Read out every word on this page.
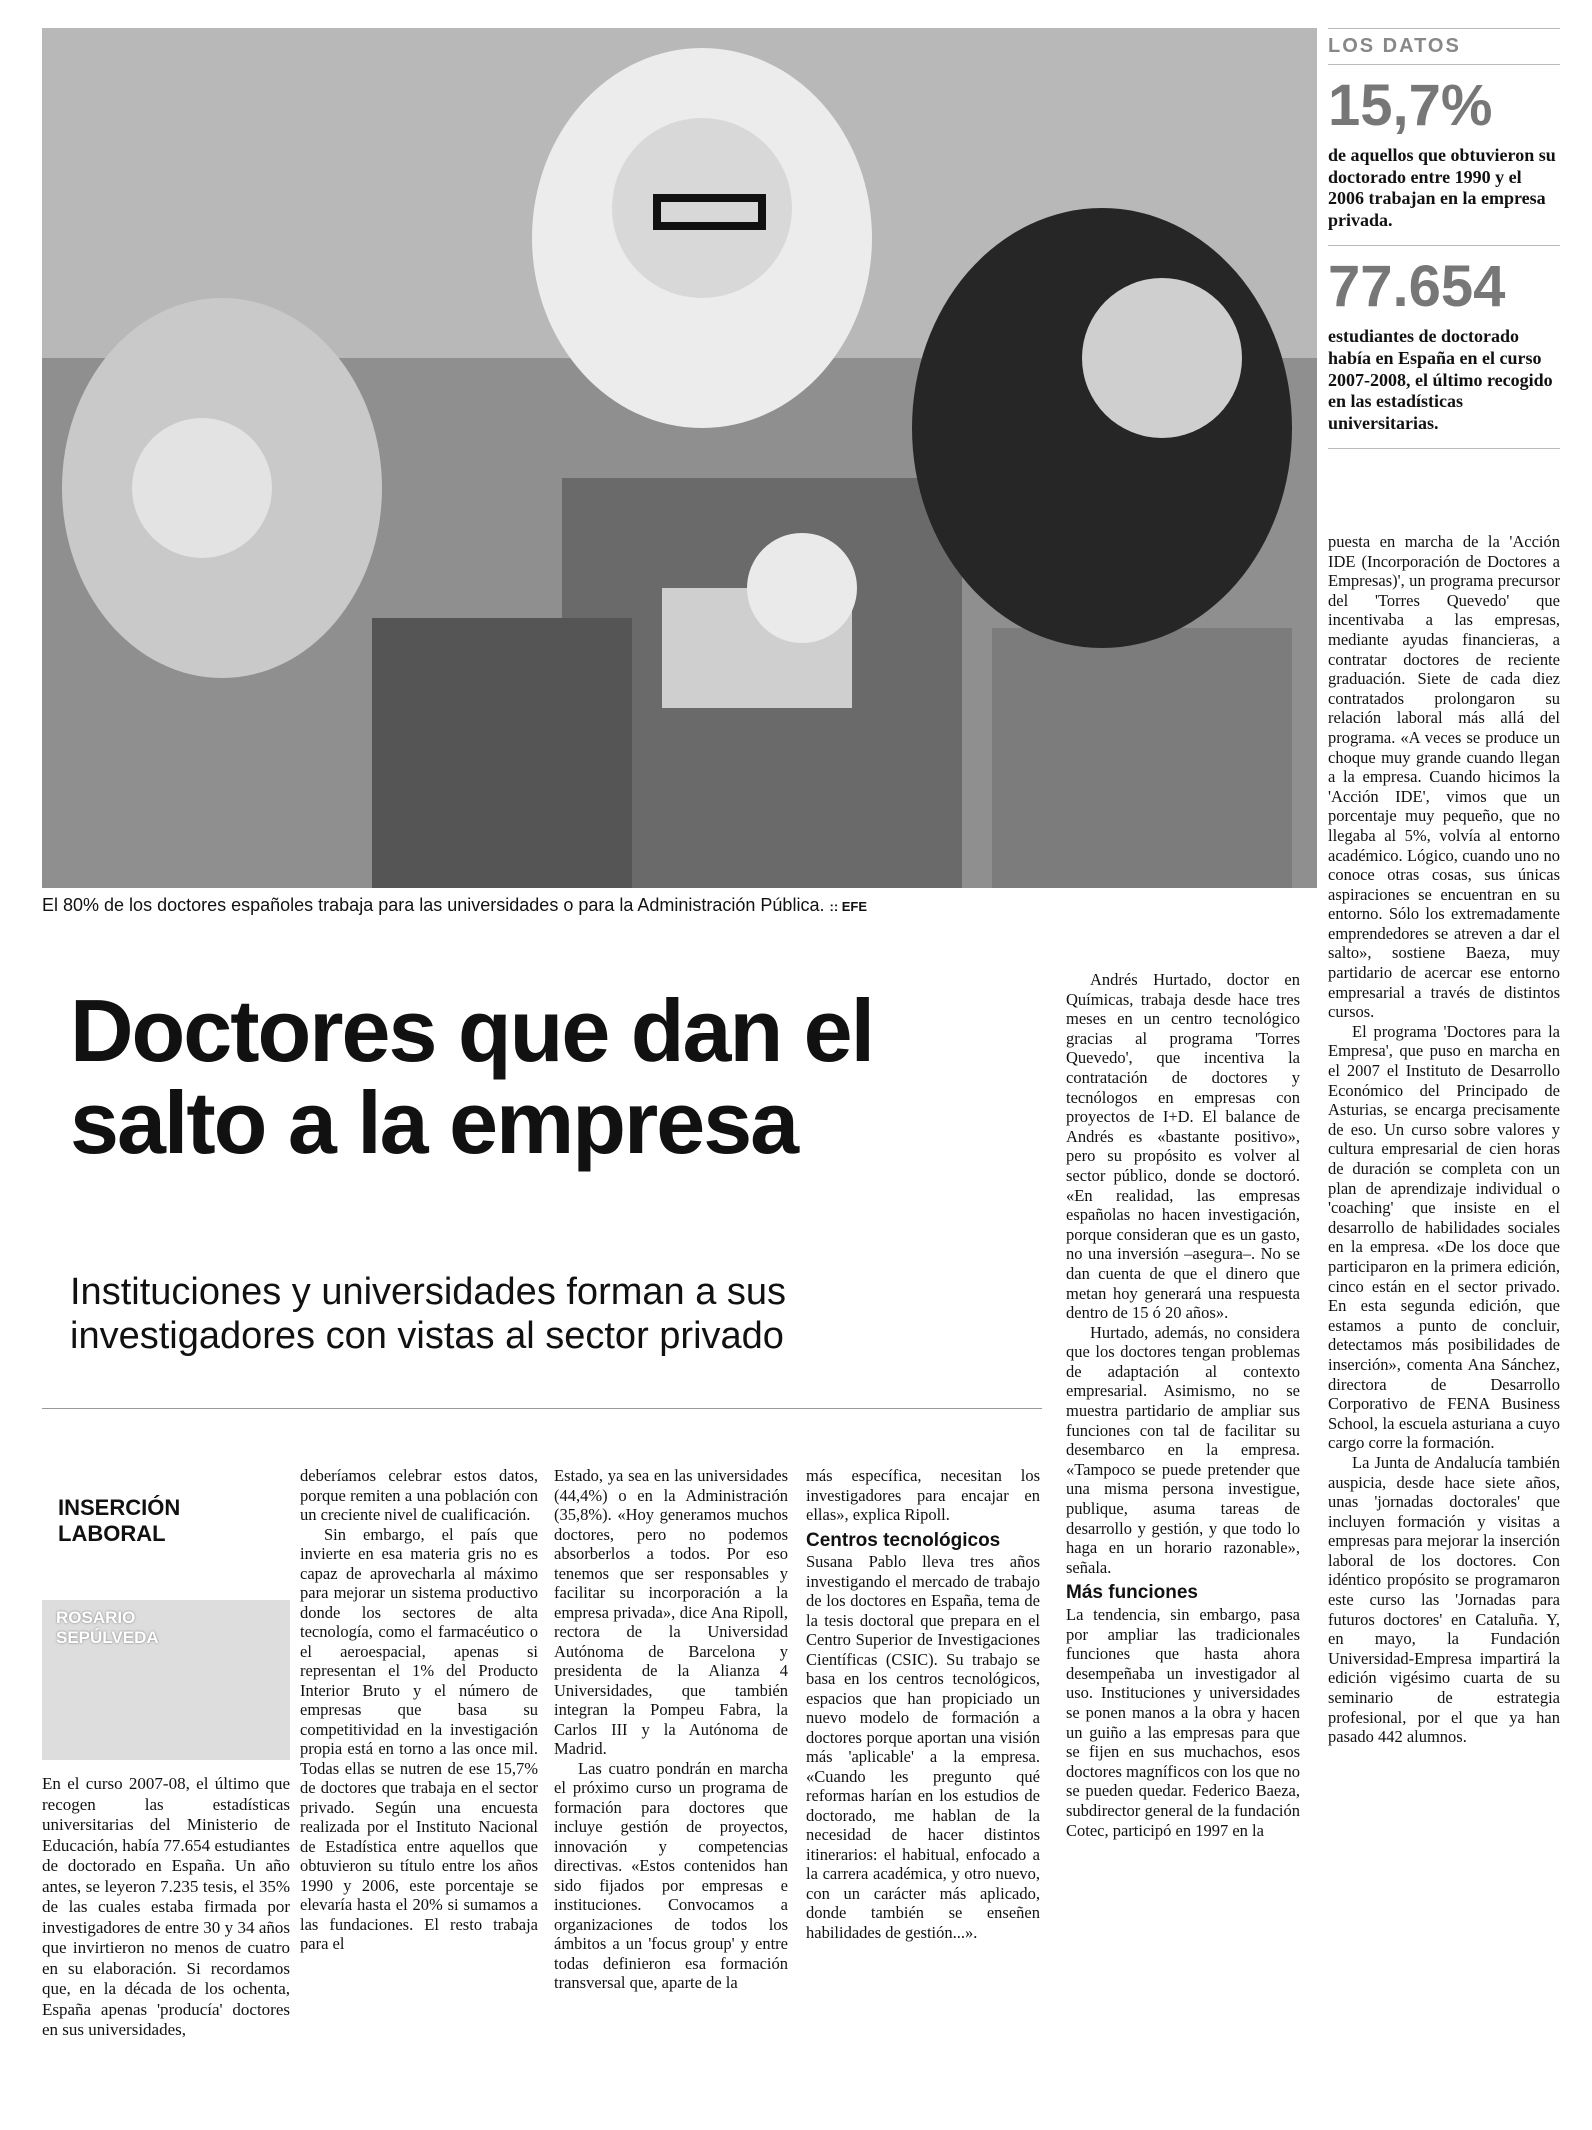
El 80% de los doctores españoles trabaja para las universidades o para la Administración Pública. :: EFE
LOS DATOS
15,7%
de aquellos que obtuvieron su doctorado entre 1990 y el 2006 trabajan en la empresa privada.
77.654
estudiantes de doctorado había en España en el curso 2007-2008, el último recogido en las estadísticas universitarias.
Doctores que dan el salto a la empresa
Instituciones y universidades forman a sus investigadores con vistas al sector privado
INSERCIÓN LABORAL
ROSARIO SEPÚLVEDA

En el curso 2007-08, el último que recogen las estadísticas universitarias del Ministerio de Educación, había 77.654 estudiantes de doctorado en España. Un año antes, se leyeron 7.235 tesis, el 35% de las cuales estaba firmada por investigadores de entre 30 y 34 años que invirtieron no menos de cuatro en su elaboración. Si recordamos que, en la década de los ochenta, España apenas 'producía' doctores en sus universidades,

deberíamos celebrar estos datos, porque remiten a una población con un creciente nivel de cualificación.

Sin embargo, el país que invierte en esa materia gris no es capaz de aprovecharla al máximo para mejorar un sistema productivo donde los sectores de alta tecnología, como el farmacéutico o el aeroespacial, apenas si representan el 1% del Producto Interior Bruto y el número de empresas que basa su competitividad en la investigación propia está en torno a las once mil. Todas ellas se nutren de ese 15,7% de doctores que trabaja en el sector privado. Según una encuesta realizada por el Instituto Nacional de Estadística entre aquellos que obtuvieron su título entre los años 1990 y 2006, este porcentaje se elevaría hasta el 20% si sumamos a las fundaciones. El resto trabaja para el

Estado, ya sea en las universidades (44,4%) o en la Administración (35,8%). «Hoy generamos muchos doctores, pero no podemos absorberlos a todos. Por eso tenemos que ser responsables y facilitar su incorporación a la empresa privada», dice Ana Ripoll, rectora de la Universidad Autónoma de Barcelona y presidenta de la Alianza 4 Universidades, que también integran la Pompeu Fabra, la Carlos III y la Autónoma de Madrid.

Las cuatro pondrán en marcha el próximo curso un programa de formación para doctores que incluye gestión de proyectos, innovación y competencias directivas. «Estos contenidos han sido fijados por empresas e instituciones. Convocamos a organizaciones de todos los ámbitos a un 'focus group' y entre todas definieron esa formación transversal que, aparte de la

más específica, necesitan los investigadores para encajar en ellas», explica Ripoll.

Centros tecnológicos

Susana Pablo lleva tres años investigando el mercado de trabajo de los doctores en España, tema de la tesis doctoral que prepara en el Centro Superior de Investigaciones Científicas (CSIC). Su trabajo se basa en los centros tecnológicos, espacios que han propiciado un nuevo modelo de formación a doctores porque aportan una visión más 'aplicable' a la empresa. «Cuando les pregunto qué reformas harían en los estudios de doctorado, me hablan de la necesidad de hacer distintos itinerarios: el habitual, enfocado a la carrera académica, y otro nuevo, con un carácter más aplicado, donde también se enseñen habilidades de gestión...».

Andrés Hurtado, doctor en Químicas, trabaja desde hace tres meses en un centro tecnológico gracias al programa 'Torres Quevedo', que incentiva la contratación de doctores y tecnólogos en empresas con proyectos de I+D. El balance de Andrés es «bastante positivo», pero su propósito es volver al sector público, donde se doctoró. «En realidad, las empresas españolas no hacen investigación, porque consideran que es un gasto, no una inversión –asegura–. No se dan cuenta de que el dinero que metan hoy generará una respuesta dentro de 15 ó 20 años».

Hurtado, además, no considera que los doctores tengan problemas de adaptación al contexto empresarial. Asimismo, no se muestra partidario de ampliar sus funciones con tal de facilitar su desembarco en la empresa. «Tampoco se puede pretender que una misma persona investigue, publique, asuma tareas de desarrollo y gestión, y que todo lo haga en un horario razonable», señala.

Más funciones

La tendencia, sin embargo, pasa por ampliar las tradicionales funciones que hasta ahora desempeñaba un investigador al uso. Instituciones y universidades se ponen manos a la obra y hacen un guiño a las empresas para que se fijen en sus muchachos, esos doctores magníficos con los que no se pueden quedar. Federico Baeza, subdirector general de la fundación Cotec, participó en 1997 en la

puesta en marcha de la 'Acción IDE (Incorporación de Doctores a Empresas)', un programa precursor del 'Torres Quevedo' que incentivaba a las empresas, mediante ayudas financieras, a contratar doctores de reciente graduación. Siete de cada diez contratados prolongaron su relación laboral más allá del programa. «A veces se produce un choque muy grande cuando llegan a la empresa. Cuando hicimos la 'Acción IDE', vimos que un porcentaje muy pequeño, que no llegaba al 5%, volvía al entorno académico. Lógico, cuando uno no conoce otras cosas, sus únicas aspiraciones se encuentran en su entorno. Sólo los extremadamente emprendedores se atreven a dar el salto», sostiene Baeza, muy partidario de acercar ese entorno empresarial a través de distintos cursos.

El programa 'Doctores para la Empresa', que puso en marcha en el 2007 el Instituto de Desarrollo Económico del Principado de Asturias, se encarga precisamente de eso. Un curso sobre valores y cultura empresarial de cien horas de duración se completa con un plan de aprendizaje individual o 'coaching' que insiste en el desarrollo de habilidades sociales en la empresa. «De los doce que participaron en la primera edición, cinco están en el sector privado. En esta segunda edición, que estamos a punto de concluir, detectamos más posibilidades de inserción», comenta Ana Sánchez, directora de Desarrollo Corporativo de FENA Business School, la escuela asturiana a cuyo cargo corre la formación.

La Junta de Andalucía también auspicia, desde hace siete años, unas 'jornadas doctorales' que incluyen formación y visitas a empresas para mejorar la inserción laboral de los doctores. Con idéntico propósito se programaron este curso las 'Jornadas para futuros doctores' en Cataluña. Y, en mayo, la Fundación Universidad-Empresa impartirá la edición vigésimo cuarta de su seminario de estrategia profesional, por el que ya han pasado 442 alumnos.
